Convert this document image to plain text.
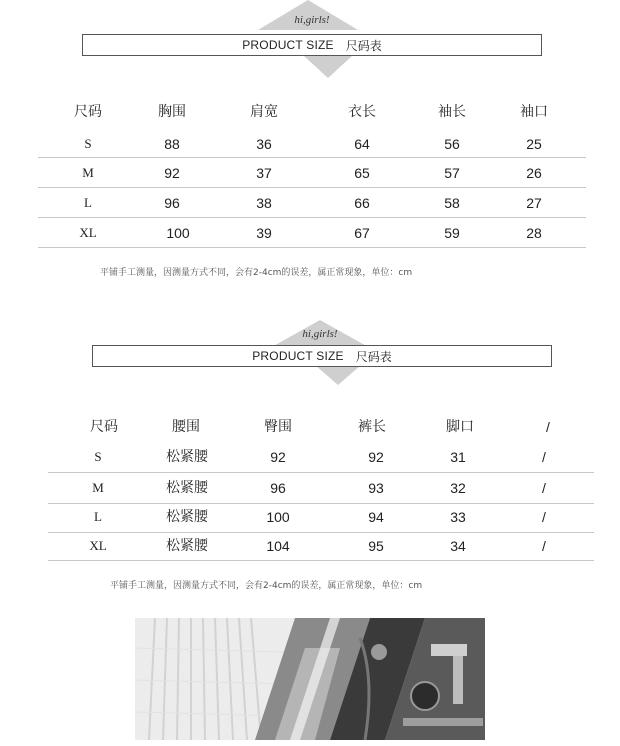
hi,girls!
PRODUCT SIZE 尺码表
尺码	胸围	肩宽	衣长	袖长	袖口
S	88	36	64	56	25
M	92	37	65	57	26
L	96	38	66	58	27
XL	100	39	67	59	28
平铺手工测量，因测量方式不同，会有2-4cm的误差，属正常现象，单位：cm
hi,girls!
PRODUCT SIZE 尺码表
尺码	腰围	臀围	裤长	脚口	/
S	松紧腰	92	92	31	/
M	松紧腰	96	93	32	/
L	松紧腰	100	94	33	/
XL	松紧腰	104	95	34	/
平铺手工测量，因测量方式不同，会有2-4cm的误差，属正常现象，单位：cm
